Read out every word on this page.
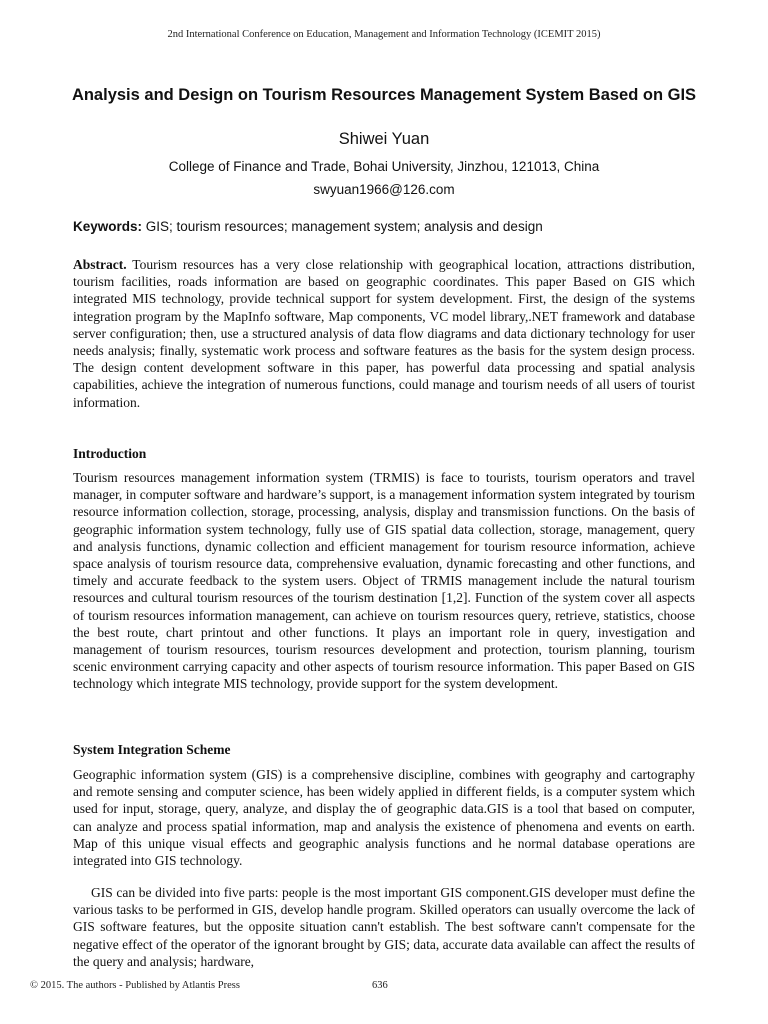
2nd International Conference on Education, Management and Information Technology (ICEMIT 2015)
Analysis and Design on Tourism Resources Management System Based on GIS
Shiwei Yuan
College of Finance and Trade, Bohai University, Jinzhou, 121013, China
swyuan1966@126.com
Keywords: GIS; tourism resources; management system; analysis and design
Abstract. Tourism resources has a very close relationship with geographical location, attractions distribution, tourism facilities, roads information are based on geographic coordinates. This paper Based on GIS which integrated MIS technology, provide technical support for system development. First, the design of the systems integration program by the MapInfo software, Map components, VC model library,.NET framework and database server configuration; then, use a structured analysis of data flow diagrams and data dictionary technology for user needs analysis; finally, systematic work process and software features as the basis for the system design process. The design content development software in this paper, has powerful data processing and spatial analysis capabilities, achieve the integration of numerous functions, could manage and tourism needs of all users of tourist information.
Introduction
Tourism resources management information system (TRMIS) is face to tourists, tourism operators and travel manager, in computer software and hardware’s support, is a management information system integrated by tourism resource information collection, storage, processing, analysis, display and transmission functions. On the basis of geographic information system technology, fully use of GIS spatial data collection, storage, management, query and analysis functions, dynamic collection and efficient management for tourism resource information, achieve space analysis of tourism resource data, comprehensive evaluation, dynamic forecasting and other functions, and timely and accurate feedback to the system users. Object of TRMIS management include the natural tourism resources and cultural tourism resources of the tourism destination [1,2]. Function of the system cover all aspects of tourism resources information management, can achieve on tourism resources query, retrieve, statistics, choose the best route, chart printout and other functions. It plays an important role in query, investigation and management of tourism resources, tourism resources development and protection, tourism planning, tourism scenic environment carrying capacity and other aspects of tourism resource information. This paper Based on GIS technology which integrate MIS technology, provide support for the system development.
System Integration Scheme
Geographic information system (GIS) is a comprehensive discipline, combines with geography and cartography and remote sensing and computer science, has been widely applied in different fields, is a computer system which used for input, storage, query, analyze, and display the of geographic data.GIS is a tool that based on computer, can analyze and process spatial information, map and analysis the existence of phenomena and events on earth. Map of this unique visual effects and geographic analysis functions and he normal database operations are integrated into GIS technology.
GIS can be divided into five parts: people is the most important GIS component.GIS developer must define the various tasks to be performed in GIS, develop handle program. Skilled operators can usually overcome the lack of GIS software features, but the opposite situation cann't establish. The best software cann't compensate for the negative effect of the operator of the ignorant brought by GIS; data, accurate data available can affect the results of the query and analysis; hardware,
© 2015. The authors - Published by Atlantis Press	636
